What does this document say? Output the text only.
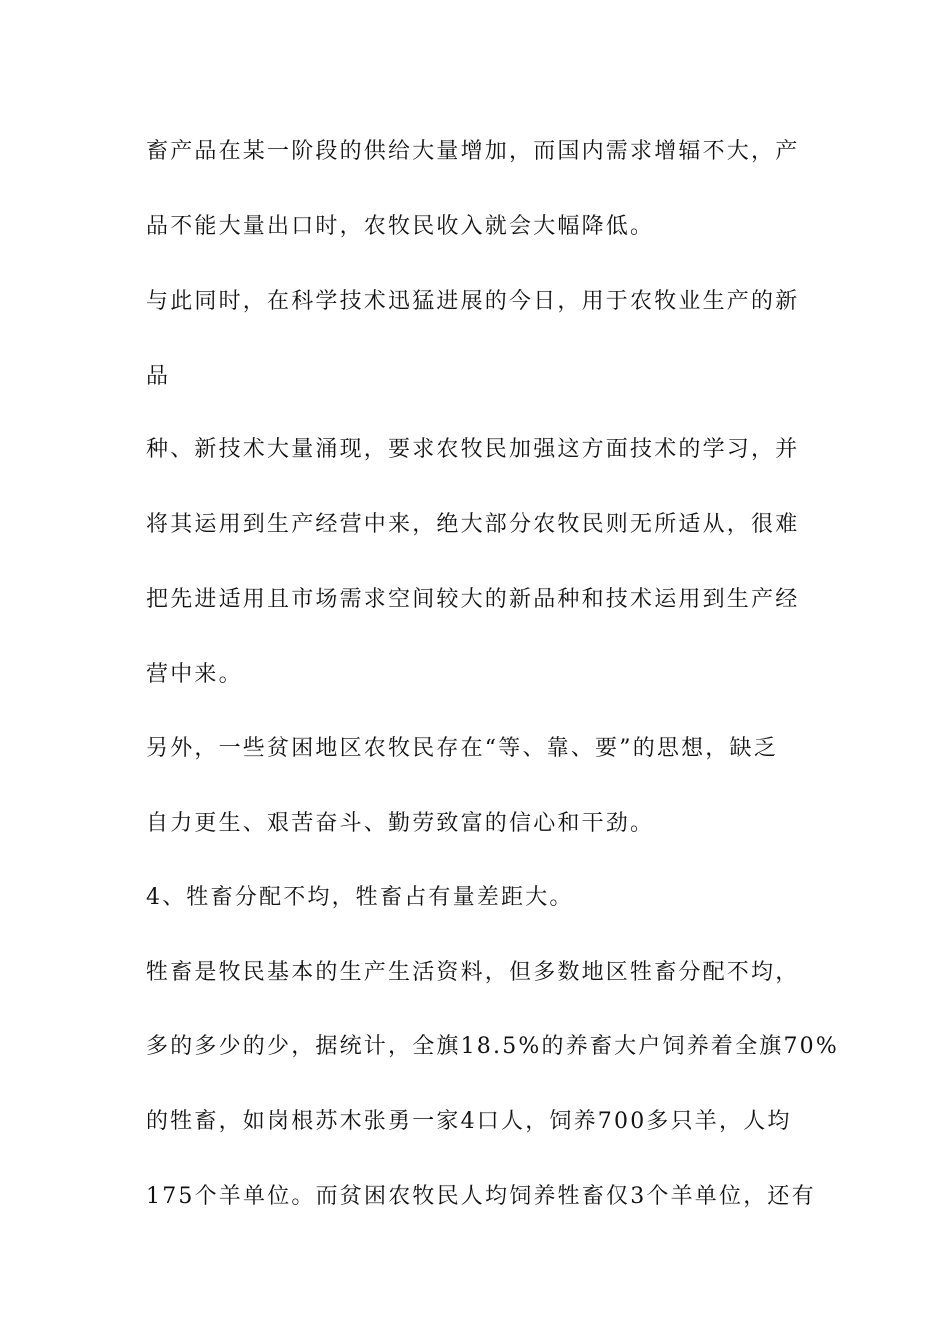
畜产品在某一阶段的供给大量增加，而国内需求增辐不大，产

品不能大量出口时，农牧民收入就会大幅降低。

与此同时，在科学技术迅猛进展的今日，用于农牧业生产的新

品

种、新技术大量涌现，要求农牧民加强这方面技术的学习，并

将其运用到生产经营中来，绝大部分农牧民则无所适从，很难

把先进适用且市场需求空间较大的新品种和技术运用到生产经

营中来。

另外，一些贫困地区农牧民存在“等、靠、要”的思想，缺乏

自力更生、艰苦奋斗、勤劳致富的信心和干劲。

4、牲畜分配不均，牲畜占有量差距大。

牲畜是牧民基本的生产生活资料，但多数地区牲畜分配不均，

多的多少的少，据统计，全旗18.5%的养畜大户饲养着全旗70%

的牲畜，如岗根苏木张勇一家4口人，饲养700多只羊，人均

175个羊单位。而贫困农牧民人均饲养牲畜仅3个羊单位，还有
